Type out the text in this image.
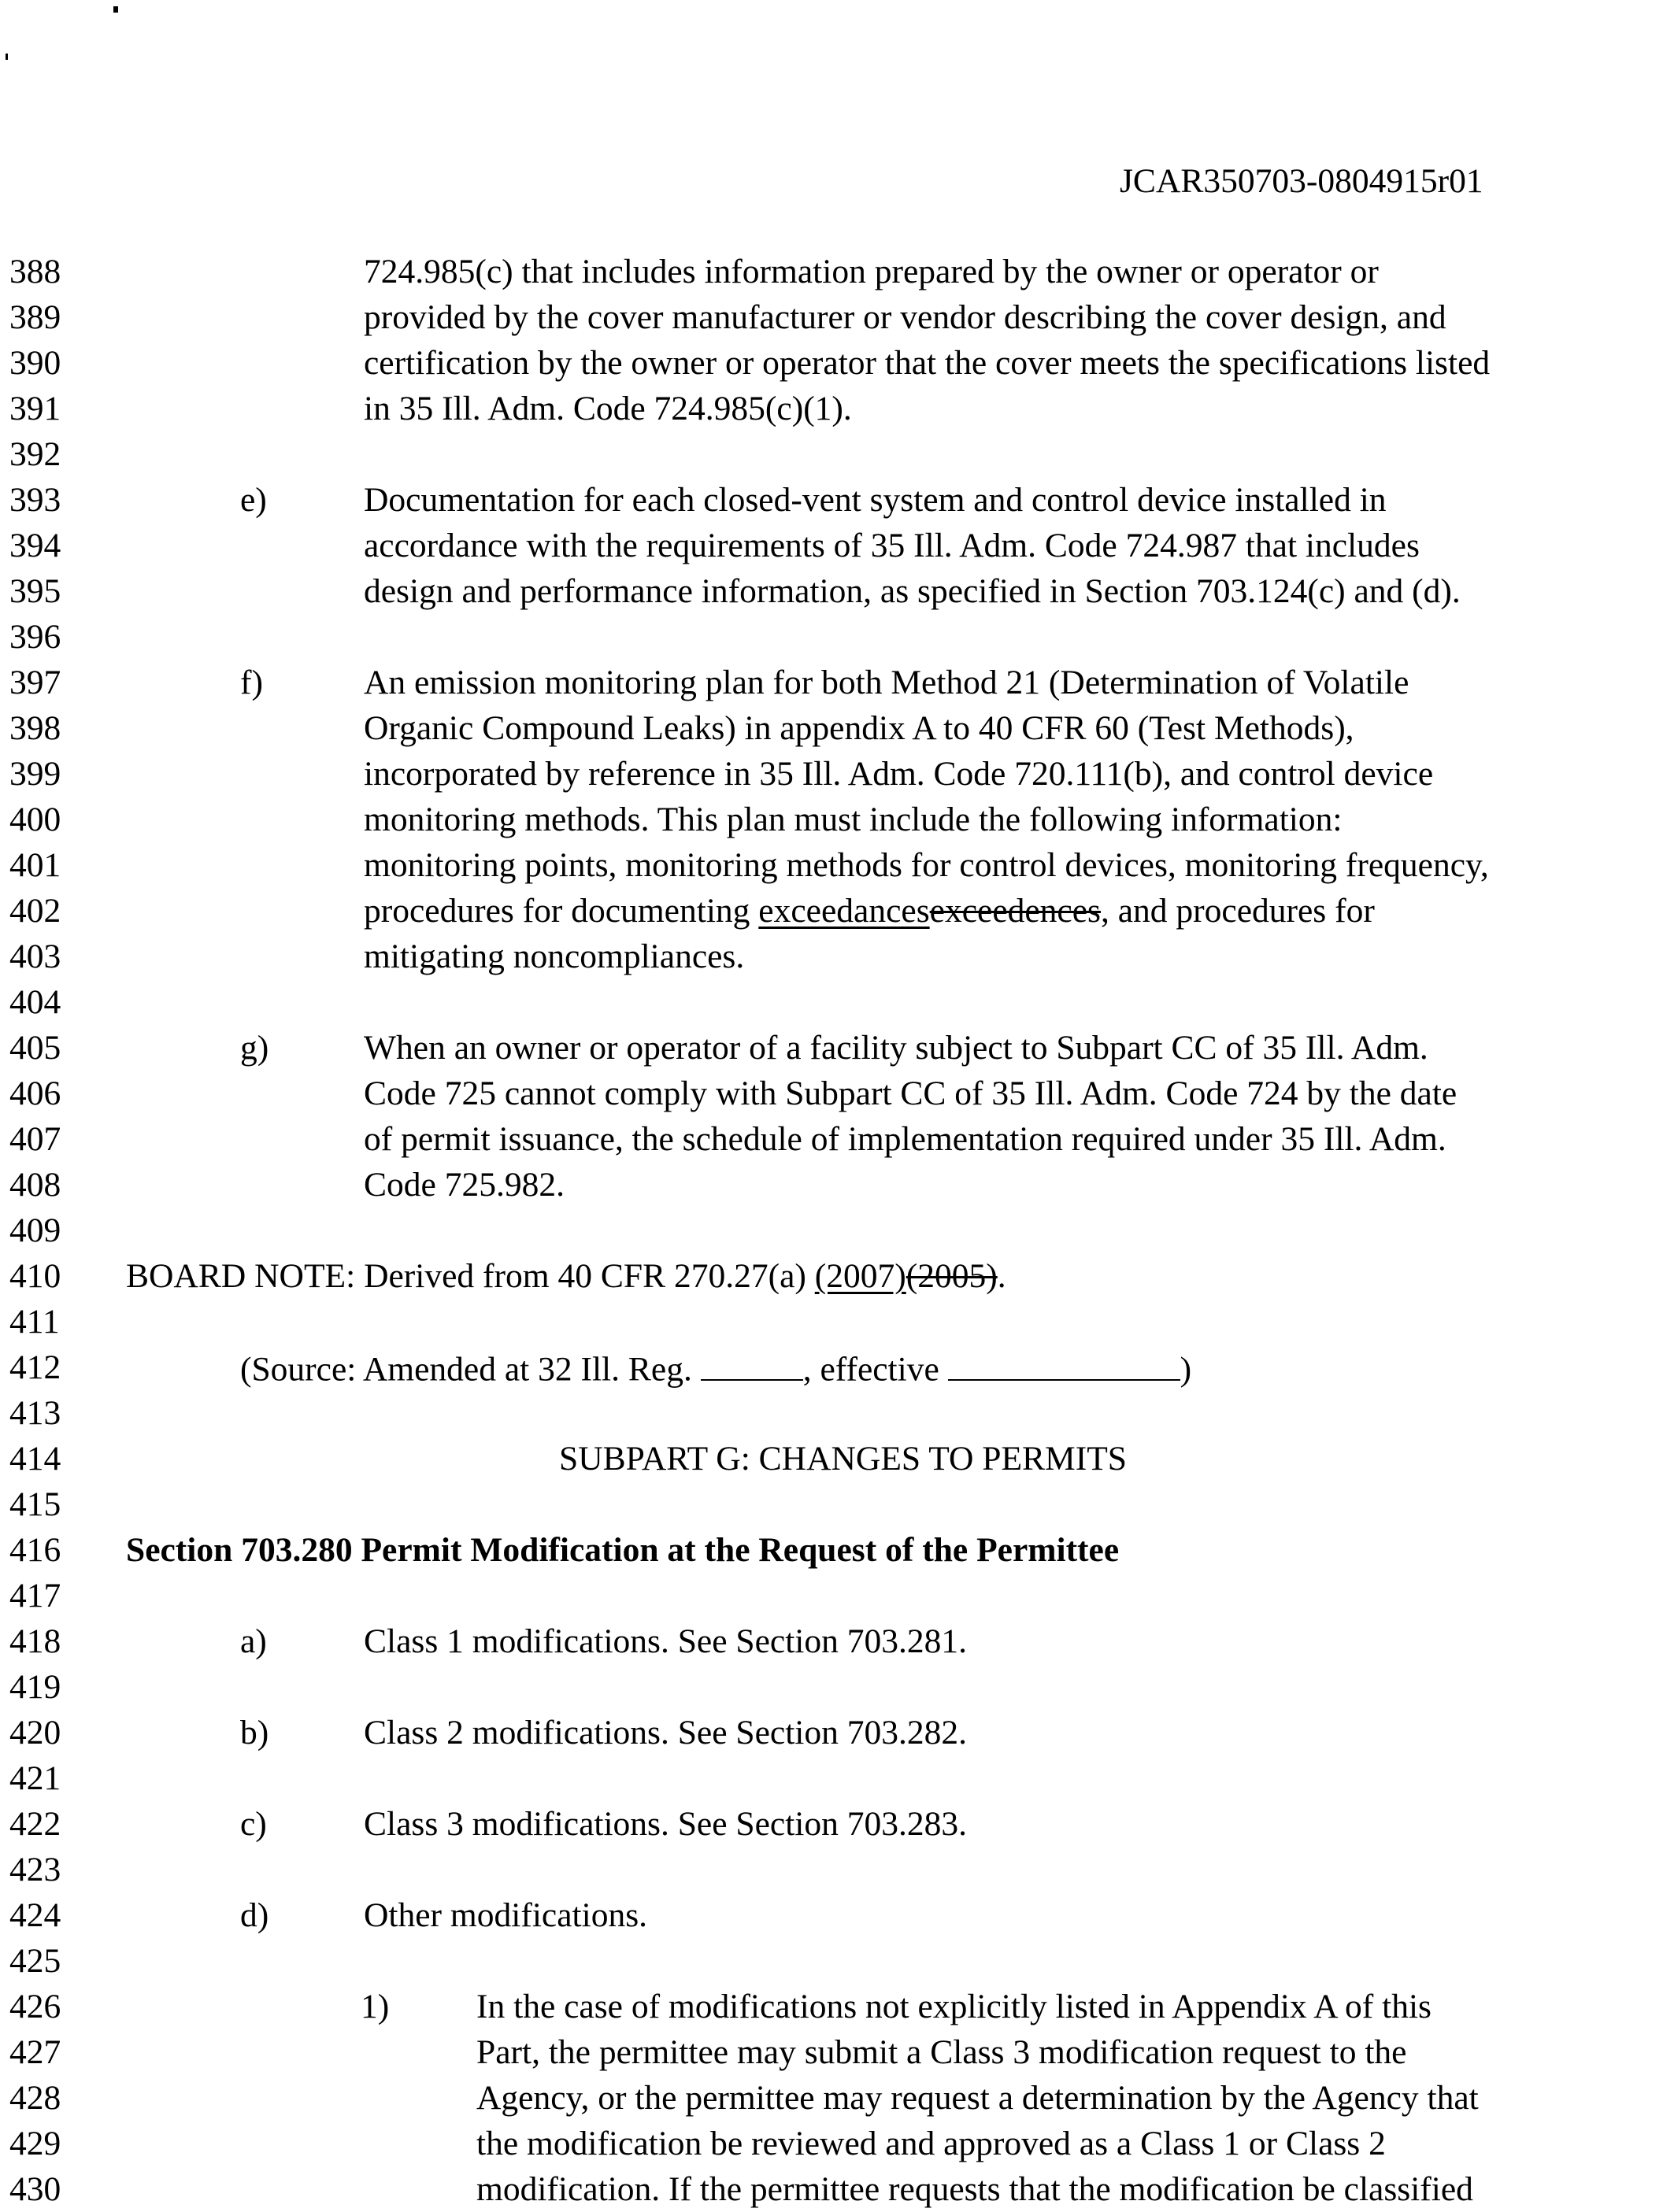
JCAR350703-0804915r01
388	724.985(c) that includes information prepared by the owner or operator or
389	provided by the cover manufacturer or vendor describing the cover design, and
390	certification by the owner or operator that the cover meets the specifications listed
391	in 35 Ill. Adm. Code 724.985(c)(1).
392
393	e)	Documentation for each closed-vent system and control device installed in
394	accordance with the requirements of 35 Ill. Adm. Code 724.987 that includes
395	design and performance information, as specified in Section 703.124(c) and (d).
396
397	f)	An emission monitoring plan for both Method 21 (Determination of Volatile
398	Organic Compound Leaks) in appendix A to 40 CFR 60 (Test Methods),
399	incorporated by reference in 35 Ill. Adm. Code 720.111(b), and control device
400	monitoring methods. This plan must include the following information:
401	monitoring points, monitoring methods for control devices, monitoring frequency,
402	procedures for documenting exceedancesexceedences, and procedures for
403	mitigating noncompliances.
404
405	g)	When an owner or operator of a facility subject to Subpart CC of 35 Ill. Adm.
406	Code 725 cannot comply with Subpart CC of 35 Ill. Adm. Code 724 by the date
407	of permit issuance, the schedule of implementation required under 35 Ill. Adm.
408	Code 725.982.
409
410 BOARD NOTE: Derived from 40 CFR 270.27(a) (2007)(2005).
411
412	(Source: Amended at 32 Ill. Reg.	, effective	)
413
414	SUBPART G: CHANGES TO PERMITS
415
416 Section 703.280 Permit Modification at the Request of the Permittee
417
418	a)	Class 1 modifications. See Section 703.281.
419
420	b)	Class 2 modifications. See Section 703.282.
421
422	c)	Class 3 modifications. See Section 703.283.
423
424	d)	Other modifications.
425
426	1)	In the case of modifications not explicitly listed in Appendix A of this
427	Part, the permittee may submit a Class 3 modification request to the
428	Agency, or the permittee may request a determination by the Agency that
429	the modification be reviewed and approved as a Class 1 or Class 2
430	modification. If the permittee requests that the modification be classified
